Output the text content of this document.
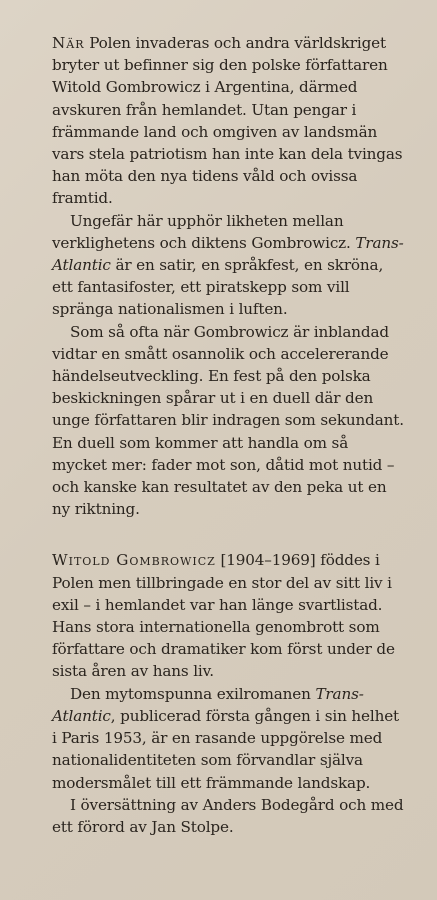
När Polen invaderas och andra världskriget bryter ut befinner sig den polske författaren Witold Gombrowicz i Argentina, därmed avskuren från hemlandet. Utan pengar i främmande land och omgiven av landsmän vars stela patriotism han inte kan dela tvingas han möta den nya tidens våld och ovissa framtid.

Ungefär här upphör likheten mellan verklighetens och diktens Gombrowicz. Trans-Atlantic är en satir, en språkfest, en skröna, ett fantasifoster, ett piratskepp som vill spränga nationalismen i luften.

Som så ofta när Gombrowicz är inblandad vidtar en smått osannolik och accelererande händelseutveckling. En fest på den polska beskickningen spårar ut i en duell där den unge författaren blir indragen som sekundant. En duell som kommer att handla om så mycket mer: fader mot son, dåtid mot nutid – och kanske kan resultatet av den peka ut en ny riktning.

Witold Gombrowicz [1904–1969] föddes i Polen men tillbringade en stor del av sitt liv i exil – i hemlandet var han länge svartlistad. Hans stora internationella genombrott som författare och dramatiker kom först under de sista åren av hans liv.

Den mytomspunna exilromanen Trans-Atlantic, publicerad första gången i sin helhet i Paris 1953, är en rasande uppgörelse med nationalidentiteten som förvandlar själva modersmålet till ett främmande landskap.

I översättning av Anders Bodegård och med ett förord av Jan Stolpe.
